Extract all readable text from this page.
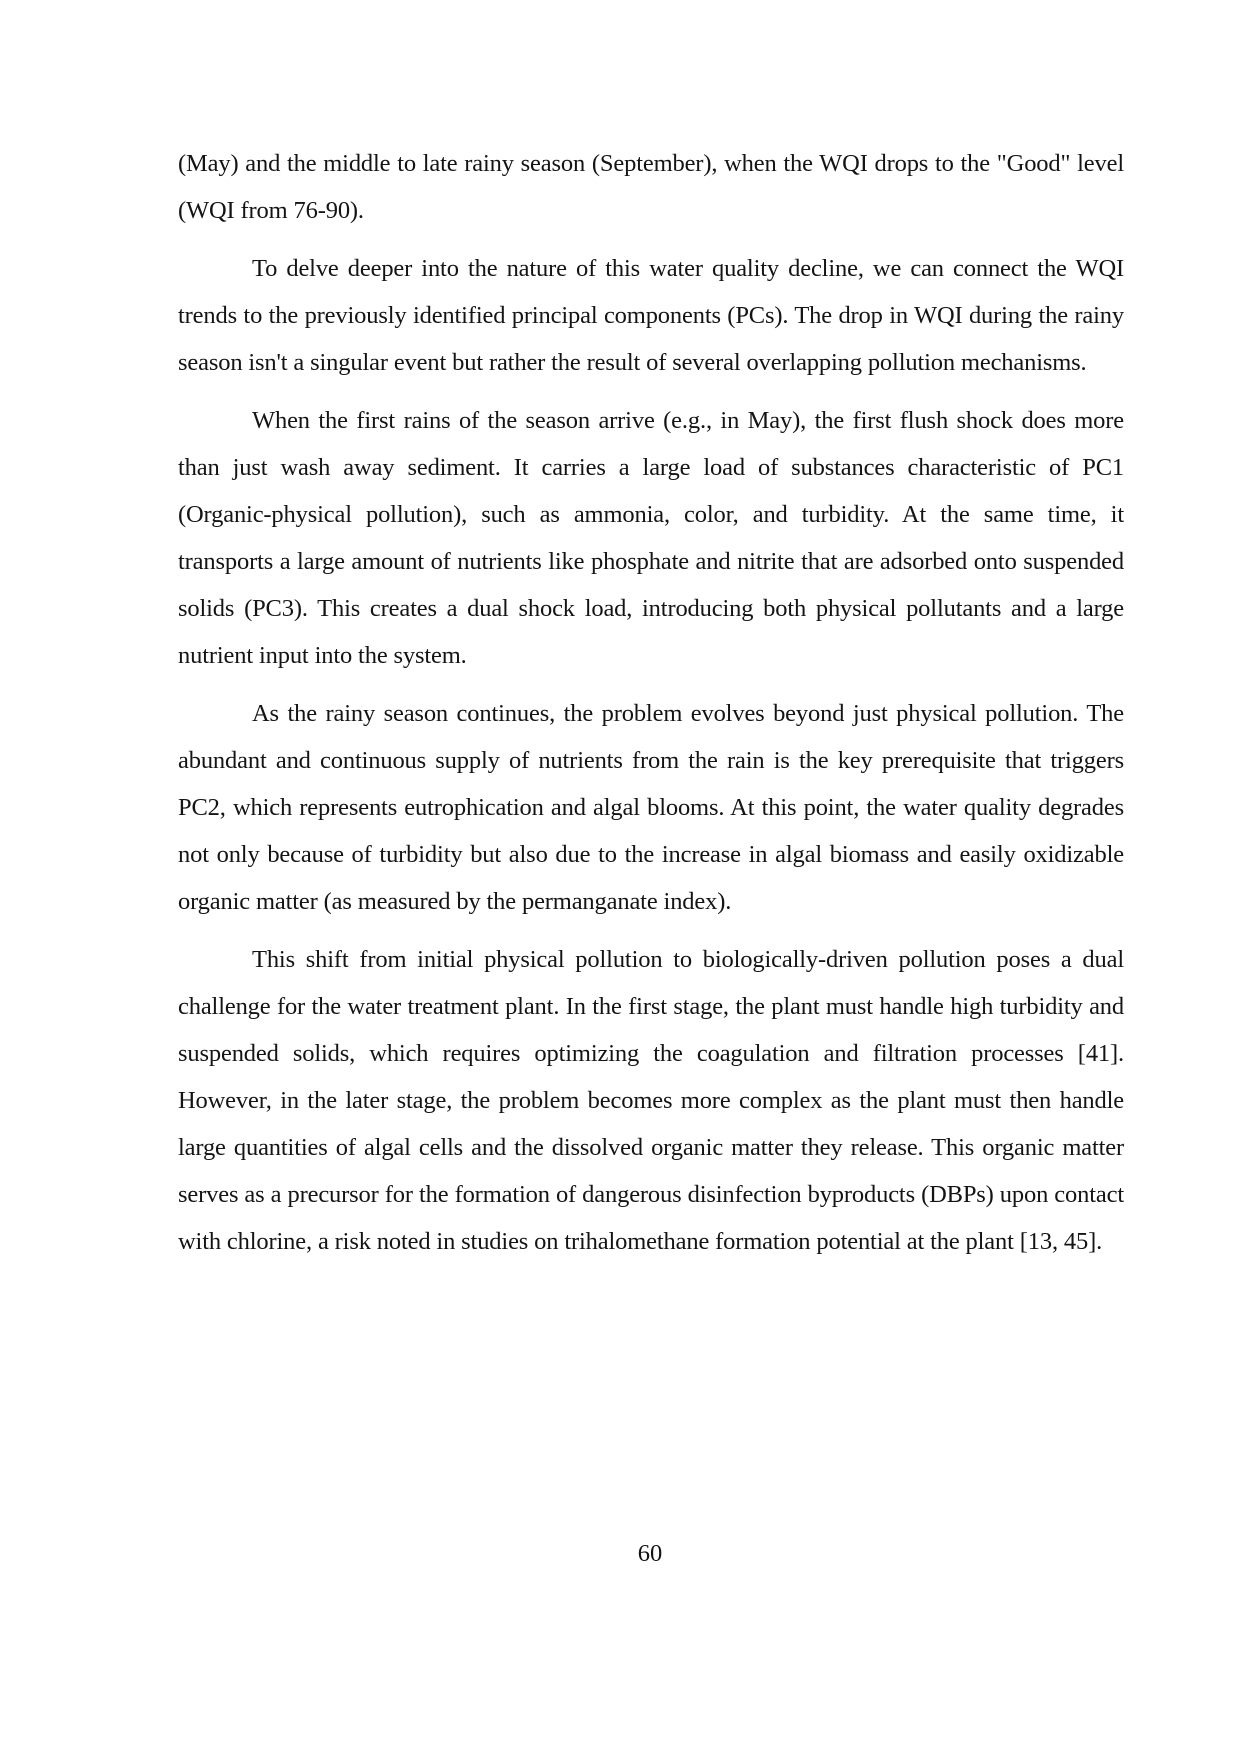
(May) and the middle to late rainy season (September), when the WQI drops to the "Good" level (WQI from 76-90).

To delve deeper into the nature of this water quality decline, we can connect the WQI trends to the previously identified principal components (PCs). The drop in WQI during the rainy season isn't a singular event but rather the result of several overlapping pollution mechanisms.

When the first rains of the season arrive (e.g., in May), the first flush shock does more than just wash away sediment. It carries a large load of substances characteristic of PC1 (Organic-physical pollution), such as ammonia, color, and turbidity. At the same time, it transports a large amount of nutrients like phosphate and nitrite that are adsorbed onto suspended solids (PC3). This creates a dual shock load, introducing both physical pollutants and a large nutrient input into the system.

As the rainy season continues, the problem evolves beyond just physical pollution. The abundant and continuous supply of nutrients from the rain is the key prerequisite that triggers PC2, which represents eutrophication and algal blooms. At this point, the water quality degrades not only because of turbidity but also due to the increase in algal biomass and easily oxidizable organic matter (as measured by the permanganate index).

This shift from initial physical pollution to biologically-driven pollution poses a dual challenge for the water treatment plant. In the first stage, the plant must handle high turbidity and suspended solids, which requires optimizing the coagulation and filtration processes [41]. However, in the later stage, the problem becomes more complex as the plant must then handle large quantities of algal cells and the dissolved organic matter they release. This organic matter serves as a precursor for the formation of dangerous disinfection byproducts (DBPs) upon contact with chlorine, a risk noted in studies on trihalomethane formation potential at the plant [13, 45].

60
